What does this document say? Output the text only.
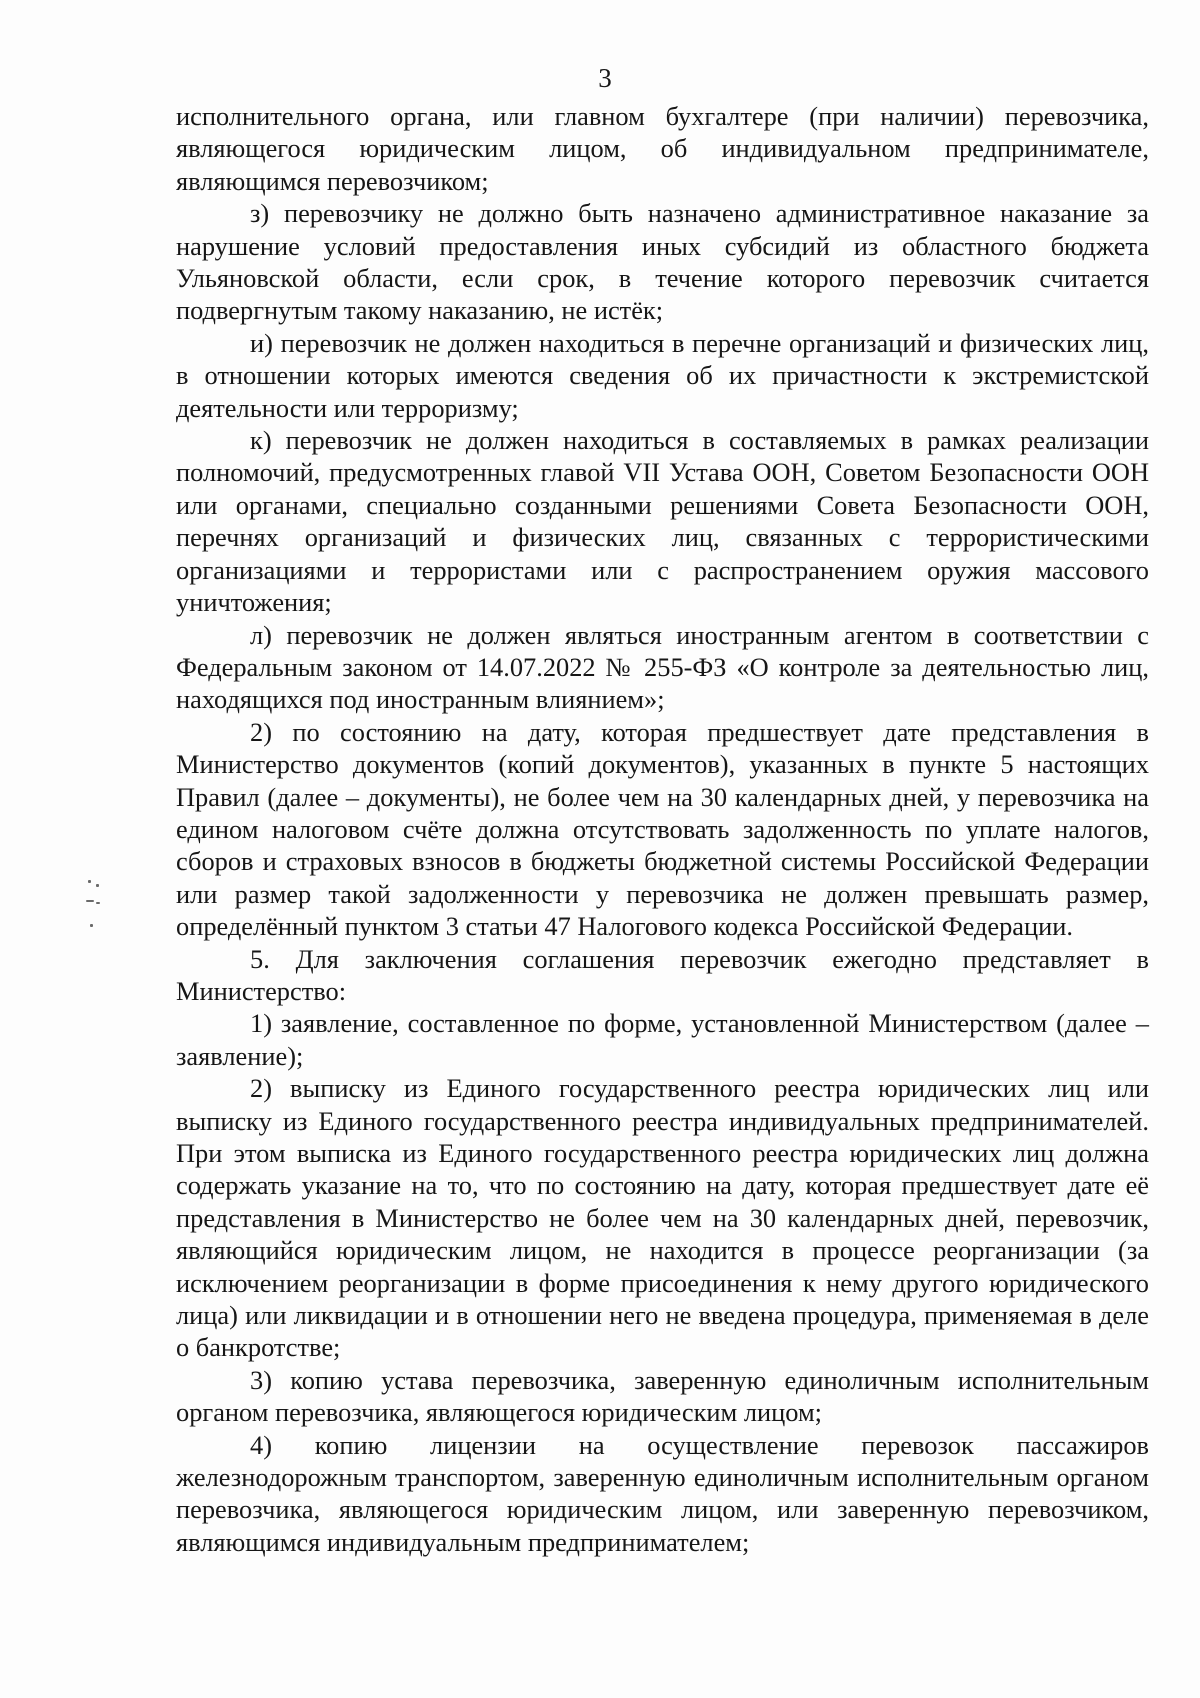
3

исполнительного органа, или главном бухгалтере (при наличии) перевозчика, являющегося юридическим лицом, об индивидуальном предпринимателе, являющимся перевозчиком;

з) перевозчику не должно быть назначено административное наказание за нарушение условий предоставления иных субсидий из областного бюджета Ульяновской области, если срок, в течение которого перевозчик считается подвергнутым такому наказанию, не истёк;

и) перевозчик не должен находиться в перечне организаций и физических лиц, в отношении которых имеются сведения об их причастности к экстремистской деятельности или терроризму;

к) перевозчик не должен находиться в составляемых в рамках реализации полномочий, предусмотренных главой VII Устава ООН, Советом Безопасности ООН или органами, специально созданными решениями Совета Безопасности ООН, перечнях организаций и физических лиц, связанных с террористическими организациями и террористами или с распространением оружия массового уничтожения;

л) перевозчик не должен являться иностранным агентом в соответствии с Федеральным законом от 14.07.2022 № 255-ФЗ «О контроле за деятельностью лиц, находящихся под иностранным влиянием»;

2) по состоянию на дату, которая предшествует дате представления в Министерство документов (копий документов), указанных в пункте 5 настоящих Правил (далее – документы), не более чем на 30 календарных дней, у перевозчика на едином налоговом счёте должна отсутствовать задолженность по уплате налогов, сборов и страховых взносов в бюджеты бюджетной системы Российской Федерации или размер такой задолженности у перевозчика не должен превышать размер, определённый пунктом 3 статьи 47 Налогового кодекса Российской Федерации.

5. Для заключения соглашения перевозчик ежегодно представляет в Министерство:

1) заявление, составленное по форме, установленной Министерством (далее – заявление);

2) выписку из Единого государственного реестра юридических лиц или выписку из Единого государственного реестра индивидуальных предпринимателей. При этом выписка из Единого государственного реестра юридических лиц должна содержать указание на то, что по состоянию на дату, которая предшествует дате её представления в Министерство не более чем на 30 календарных дней, перевозчик, являющийся юридическим лицом, не находится в процессе реорганизации (за исключением реорганизации в форме присоединения к нему другого юридического лица) или ликвидации и в отношении него не введена процедура, применяемая в деле о банкротстве;

3) копию устава перевозчика, заверенную единоличным исполнительным органом перевозчика, являющегося юридическим лицом;

4) копию лицензии на осуществление перевозок пассажиров железнодорожным транспортом, заверенную единоличным исполнительным органом перевозчика, являющегося юридическим лицом, или заверенную перевозчиком, являющимся индивидуальным предпринимателем;
